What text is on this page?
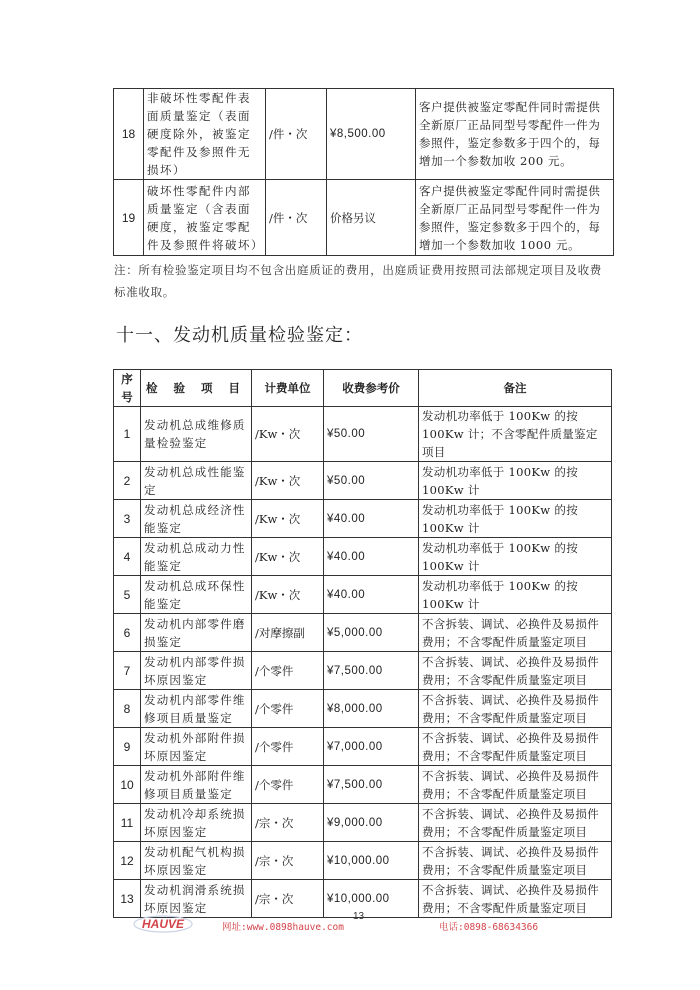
18	非破坏性零配件表面质量鉴定（表面硬度除外，被鉴定零配件及参照件无损坏）	/件・次	¥8,500.00	客户提供被鉴定零配件同时需提供全新原厂正品同型号零配件一件为参照件，鉴定参数多于四个的，每增加一个参数加收 200 元。
19	破坏性零配件内部质量鉴定（含表面硬度，被鉴定零配件及参照件将破坏）	/件・次	价格另议	客户提供被鉴定零配件同时需提供全新原厂正品同型号零配件一件为参照件，鉴定参数多于四个的，每增加一个参数加收 1000 元。
注：所有检验鉴定项目均不包含出庭质证的费用，出庭质证费用按照司法部规定项目及收费标准收取。
十一、发动机质量检验鉴定：
序号	检 验 项 目	计费单位	收费参考价	备注
1	发动机总成维修质量检验鉴定	/Kw・次	¥50.00	发动机功率低于 100Kw 的按 100Kw 计；不含零配件质量鉴定项目
2	发动机总成性能鉴定	/Kw・次	¥50.00	发动机功率低于 100Kw 的按 100Kw 计
3	发动机总成经济性能鉴定	/Kw・次	¥40.00	发动机功率低于 100Kw 的按 100Kw 计
4	发动机总成动力性能鉴定	/Kw・次	¥40.00	发动机功率低于 100Kw 的按 100Kw 计
5	发动机总成环保性能鉴定	/Kw・次	¥40.00	发动机功率低于 100Kw 的按 100Kw 计
6	发动机内部零件磨损鉴定	/对摩擦副	¥5,000.00	不含拆装、调试、必换件及易损件费用；不含零配件质量鉴定项目
7	发动机内部零件损坏原因鉴定	/个零件	¥7,500.00	不含拆装、调试、必换件及易损件费用；不含零配件质量鉴定项目
8	发动机内部零件维修项目质量鉴定	/个零件	¥8,000.00	不含拆装、调试、必换件及易损件费用；不含零配件质量鉴定项目
9	发动机外部附件损坏原因鉴定	/个零件	¥7,000.00	不含拆装、调试、必换件及易损件费用；不含零配件质量鉴定项目
10	发动机外部附件维修项目质量鉴定	/个零件	¥7,500.00	不含拆装、调试、必换件及易损件费用；不含零配件质量鉴定项目
11	发动机冷却系统损坏原因鉴定	/宗・次	¥9,000.00	不含拆装、调试、必换件及易损件费用；不含零配件质量鉴定项目
12	发动机配气机构损坏原因鉴定	/宗・次	¥10,000.00	不含拆装、调试、必换件及易损件费用；不含零配件质量鉴定项目
13	发动机润滑系统损坏原因鉴定	/宗・次	¥10,000.00	不含拆装、调试、必换件及易损件费用；不含零配件质量鉴定项目
HAUVE	网址:www.0898hauve.com
13
电话:0898-68634366
